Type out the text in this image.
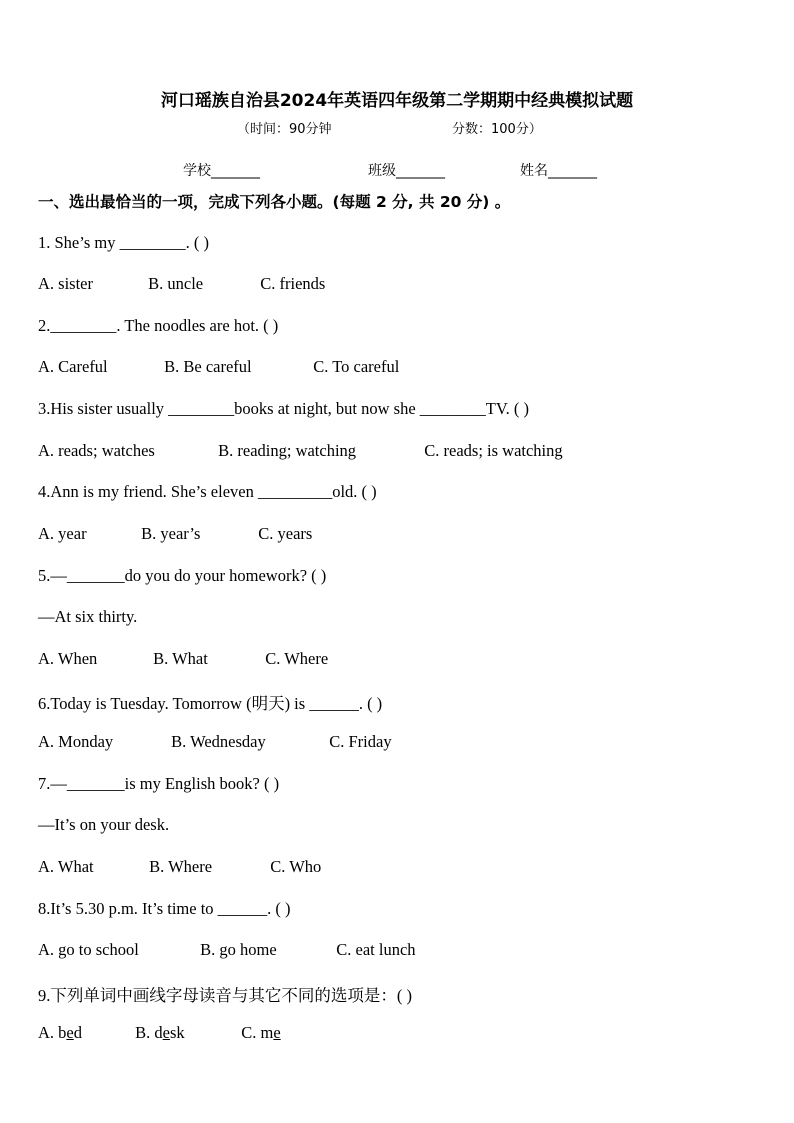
河口瑶族自治县2024年英语四年级第二学期期中经典模拟试题
（时间：90分钟	分数：100分）
学校_______	班级_______	姓名_______
一、选出最恰当的一项，完成下列各小题。(每题 2 分, 共 20 分) 。
1. She’s my ________. ( )
A. sister	B. uncle	C. friends
2.________. The noodles are hot. ( )
A. Careful	B. Be careful	C. To careful
3.His sister usually ________books at night, but now she ________TV. ( )
A. reads; watches	B. reading; watching	C. reads; is watching
4.Ann is my friend. She’s eleven _________old. ( )
A. year	B. year’s	C. years
5.—_______do you do your homework? ( )
—At six thirty.
A. When	B. What	C. Where
6.Today is Tuesday. Tomorrow (明天) is ______. ( )
A. Monday	B. Wednesday	C. Friday
7.—_______is my English book? ( )
—It’s on your desk.
A. What	B. Where	C. Who
8.It’s 5.30 p.m. It’s time to ______. ( )
A. go to school	B. go home	C. eat lunch
9.下列单词中画线字母读音与其它不同的选项是：( )
A. bed	B. desk	C. me
